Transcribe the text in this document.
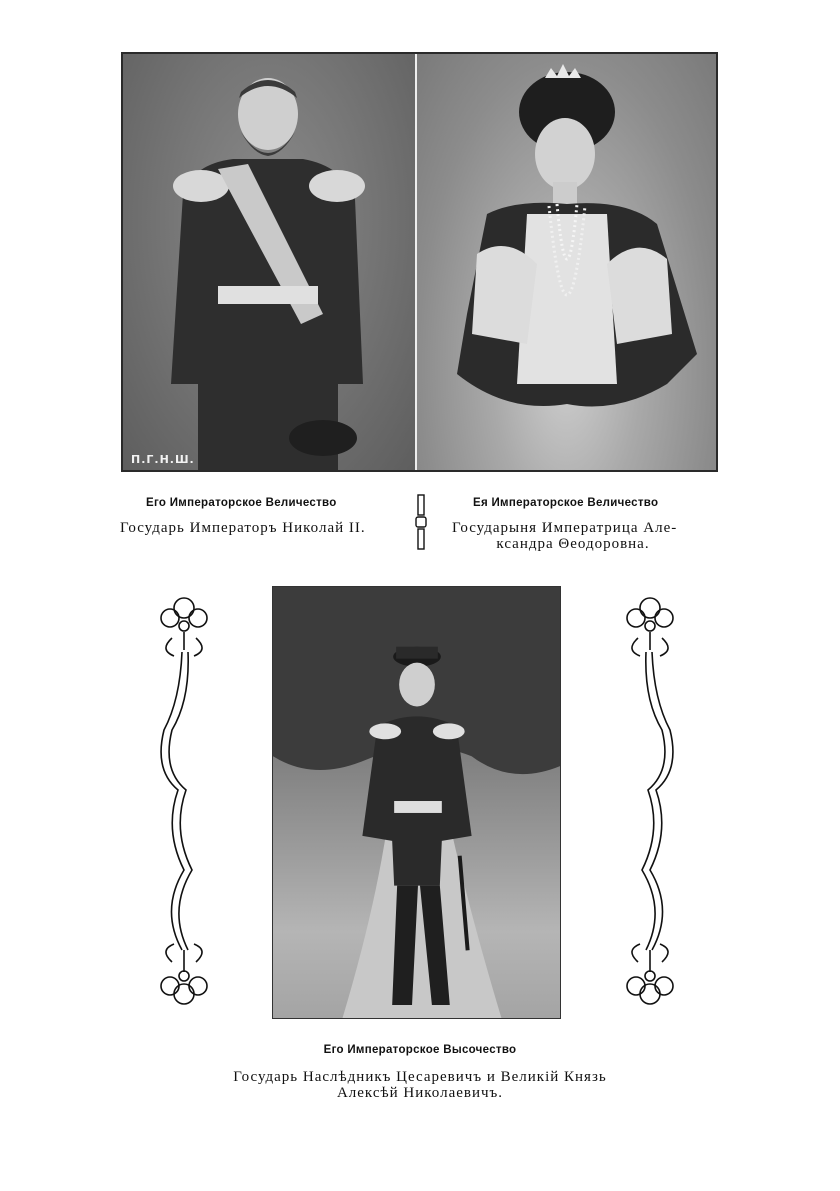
П.Г.Н.Ш.
Его Императорское Величество
Государь Императоръ Николай II.
Ея Императорское Величество
Государыня Императрица Але-
ксандра Θеодоровна.
Его Императорское Высочество
Государь Наслѣдникъ Цесаревичъ и Великій Князь
Алексѣй Николаевичъ.
